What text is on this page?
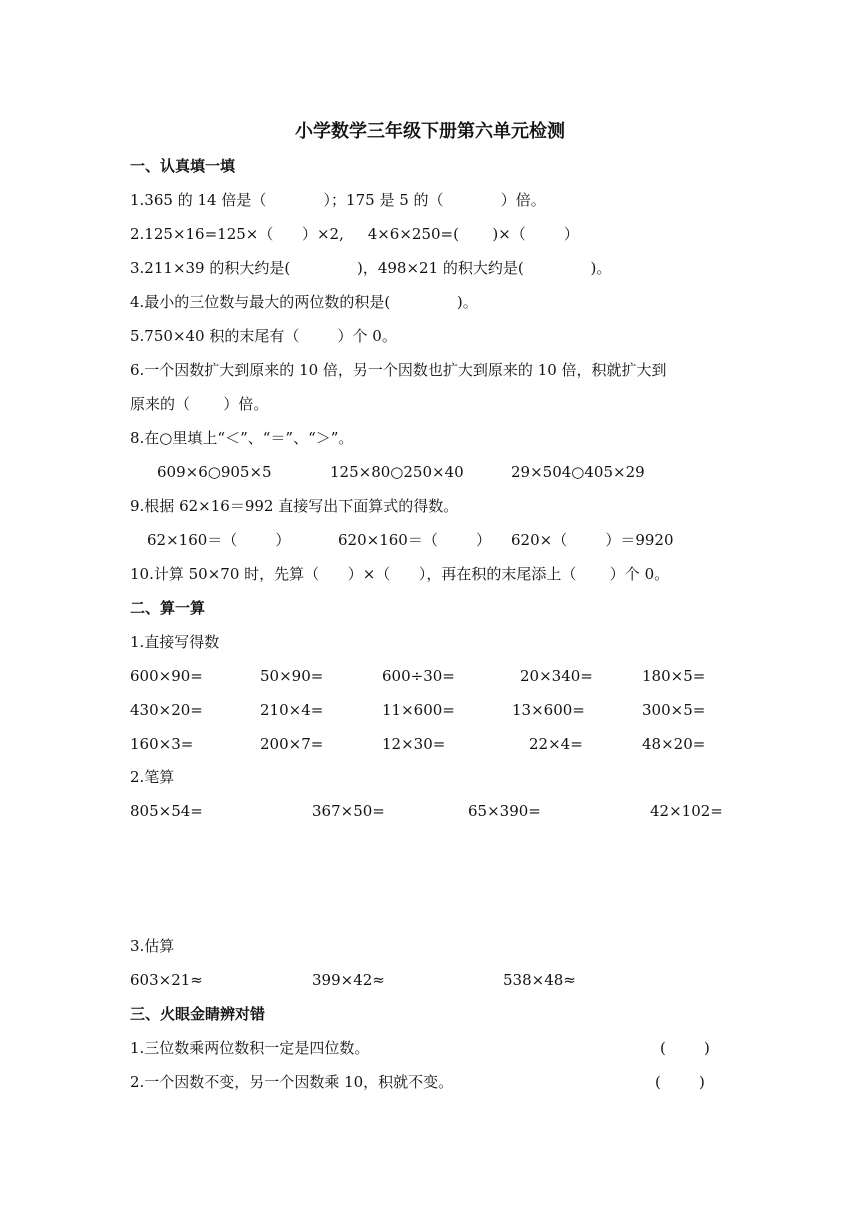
小学数学三年级下册第六单元检测
一、认真填一填
1.365 的 14 倍是（            ）；175 是 5 的（            ）倍。
2.125×16=125×（      ）×2,     4×6×250=(       )×（        ）
3.211×39 的积大约是(              )，498×21 的积大约是(              )。
4.最小的三位数与最大的两位数的积是(              )。
5.750×40 积的末尾有（        ）个 0。
6.一个因数扩大到原来的 10 倍，另一个因数也扩大到原来的 10 倍，积就扩大到
原来的（       ）倍。
8.在○里填上“＜”、“＝”、“＞”。
609×6○905×5	125×80○250×40	29×504○405×29
9.根据 62×16＝992 直接写出下面算式的得数。
62×160＝（        ）	620×160＝（        ） 620×（        ）＝9920
10.计算 50×70 时，先算（      ）×（      ），再在积的末尾添上（       ）个 0。
二、算一算
1.直接写得数
600×90=	50×90=	600÷30=	20×340=	180×5=
430×20=	210×4=	11×600=	13×600=	300×5=
160×3=	200×7=	12×30=	22×4=	48×20=
2.笔算
805×54=	367×50=	65×390=	42×102=
3.估算
603×21≈	399×42≈	538×48≈
三、火眼金睛辨对错
1.三位数乘两位数积一定是四位数。	(        )
2.一个因数不变，另一个因数乘 10，积就不变。	(        )
